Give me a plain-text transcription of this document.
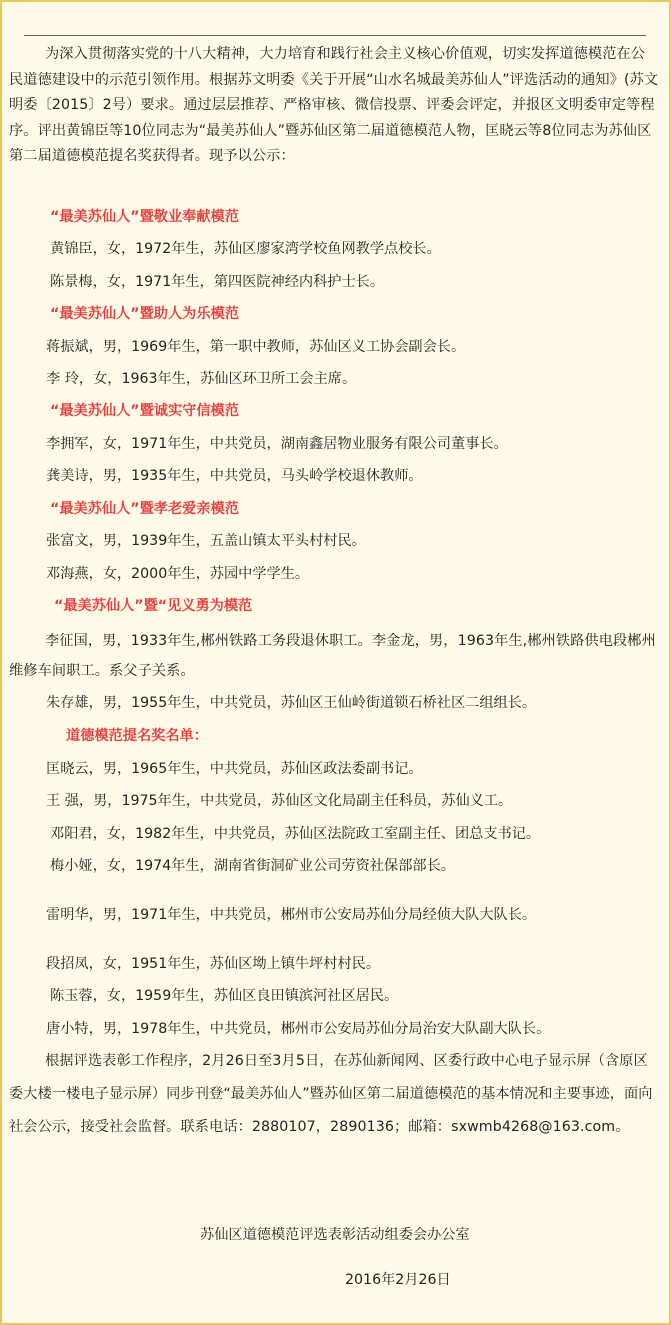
为深入贯彻落实党的十八大精神，大力培育和践行社会主义核心价值观，切实发挥道德模范在公民道德建设中的示范引领作用。根据苏文明委《关于开展“山水名城最美苏仙人”评选活动的通知》(苏文明委〔2015〕2号）要求。通过层层推荐、严格审核、微信投票、评委会评定，并报区文明委审定等程序。评出黄锦臣等10位同志为“最美苏仙人”暨苏仙区第二届道德模范人物，匡晓云等8位同志为苏仙区第二届道德模范提名奖获得者。现予以公示：

“最美苏仙人”暨敬业奉献模范
黄锦臣，女，1972年生，苏仙区廖家湾学校鱼网教学点校长。
陈景梅，女，1971年生，第四医院神经内科护士长。
“最美苏仙人”暨助人为乐模范
蒋振斌，男，1969年生，第一职中教师，苏仙区义工协会副会长。
李 玲，女，1963年生，苏仙区环卫所工会主席。
“最美苏仙人”暨诚实守信模范
李拥军，女，1971年生，中共党员，湖南鑫居物业服务有限公司董事长。
龚美诗，男，1935年生，中共党员，马头岭学校退休教师。
“最美苏仙人”暨孝老爱亲模范
张富文，男，1939年生，五盖山镇太平头村村民。
邓海燕，女，2000年生，苏园中学学生。
“最美苏仙人”暨“见义勇为模范

李征国，男，1933年生,郴州铁路工务段退休职工。李金龙，男，1963年生,郴州铁路供电段郴州维修车间职工。系父子关系。

朱存雄，男，1955年生，中共党员，苏仙区王仙岭街道锁石桥社区二组组长。
道德模范提名奖名单：
匡晓云，男，1965年生，中共党员，苏仙区政法委副书记。
王 强，男，1975年生，中共党员，苏仙区文化局副主任科员，苏仙义工。
邓阳君，女，1982年生，中共党员，苏仙区法院政工室副主任、团总支书记。
梅小娅，女，1974年生，湖南省街洞矿业公司劳资社保部部长。
雷明华，男，1971年生，中共党员，郴州市公安局苏仙分局经侦大队大队长。
段招凤，女，1951年生，苏仙区坳上镇牛坪村村民。
陈玉蓉，女，1959年生，苏仙区良田镇滨河社区居民。
唐小特，男，1978年生，中共党员，郴州市公安局苏仙分局治安大队副大队长。

根据评选表彰工作程序，2月26日至3月5日，在苏仙新闻网、区委行政中心电子显示屏（含原区委大楼一楼电子显示屏）同步刊登“最美苏仙人”暨苏仙区第二届道德模范的基本情况和主要事迹，面向社会公示，接受社会监督。联系电话：2880107，2890136；邮箱：sxwmb4268@163.com。

苏仙区道德模范评选表彰活动组委会办公室
2016年2月26日
